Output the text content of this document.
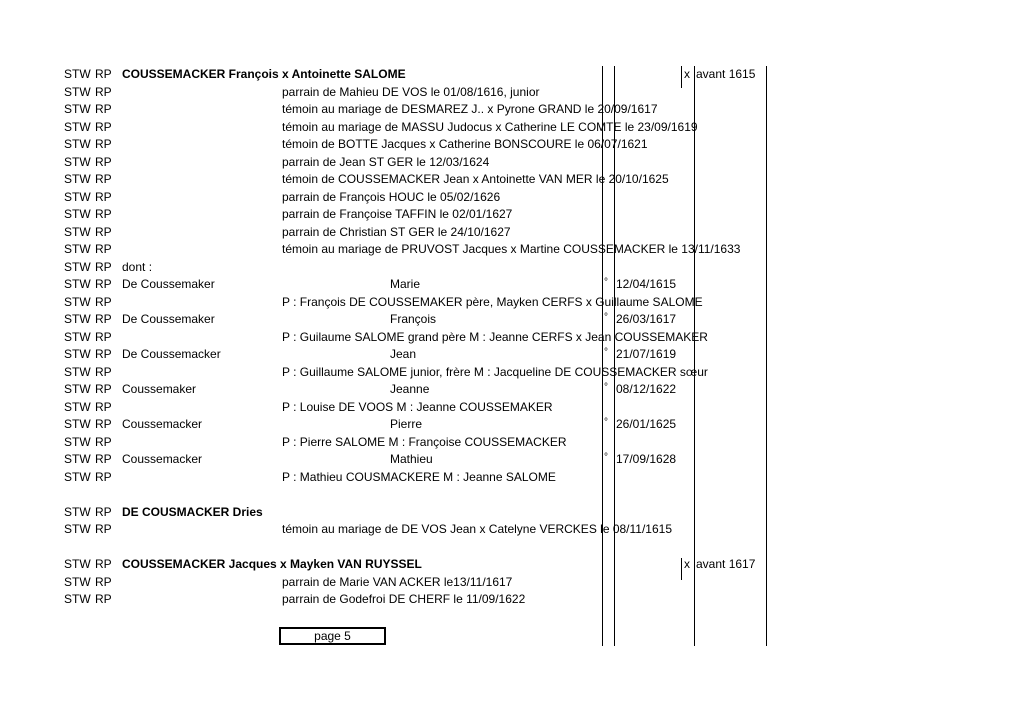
STW RP COUSSEMACKER François x Antoinette SALOME	x avant 1615
STW RP	parrain de Mahieu DE VOS le 01/08/1616, junior
STW RP	témoin au mariage de DESMAREZ J.. x Pyrone GRAND le 20/09/1617
STW RP	témoin au mariage de MASSU Judocus x Catherine LE COMTE le 23/09/1619
STW RP	témoin de BOTTE Jacques x Catherine BONSCOURE le 06/07/1621
STW RP	parrain de Jean ST GER le 12/03/1624
STW RP	témoin de COUSSEMACKER Jean x Antoinette VAN MER le 20/10/1625
STW RP	parrain de François HOUC le 05/02/1626
STW RP	parrain de Françoise TAFFIN le 02/01/1627
STW RP	parrain de Christian ST GER le 24/10/1627
STW RP	témoin au mariage de PRUVOST Jacques x Martine COUSSEMACKER le 13/11/1633
STW RP dont :
STW RP De Coussemaker	Marie	° 12/04/1615
STW RP	P : François DE COUSSEMAKER père, Mayken CERFS x Guillaume SALOME
STW RP De Coussemaker	François	° 26/03/1617
STW RP	P : Guilaume SALOME grand père M : Jeanne CERFS x Jean COUSSEMAKER
STW RP De Coussemacker	Jean	° 21/07/1619
STW RP	P : Guillaume SALOME junior, frère M : Jacqueline DE COUSSEMACKER sœur
STW RP Coussemaker	Jeanne	° 08/12/1622
STW RP	P : Louise DE VOOS M : Jeanne COUSSEMAKER
STW RP Coussemacker	Pierre	° 26/01/1625
STW RP	P : Pierre SALOME M : Françoise COUSSEMACKER
STW RP Coussemacker	Mathieu	° 17/09/1628
STW RP	P : Mathieu COUSMACKERE M : Jeanne SALOME
STW RP DE COUSMACKER Dries
STW RP	témoin au mariage de DE VOS Jean x Catelyne VERCKES le 08/11/1615
STW RP COUSSEMACKER Jacques x Mayken VAN RUYSSEL	x avant 1617
STW RP	parrain de Marie VAN ACKER le13/11/1617
STW RP	parrain de Godefroi DE CHERF le 11/09/1622
page 5
